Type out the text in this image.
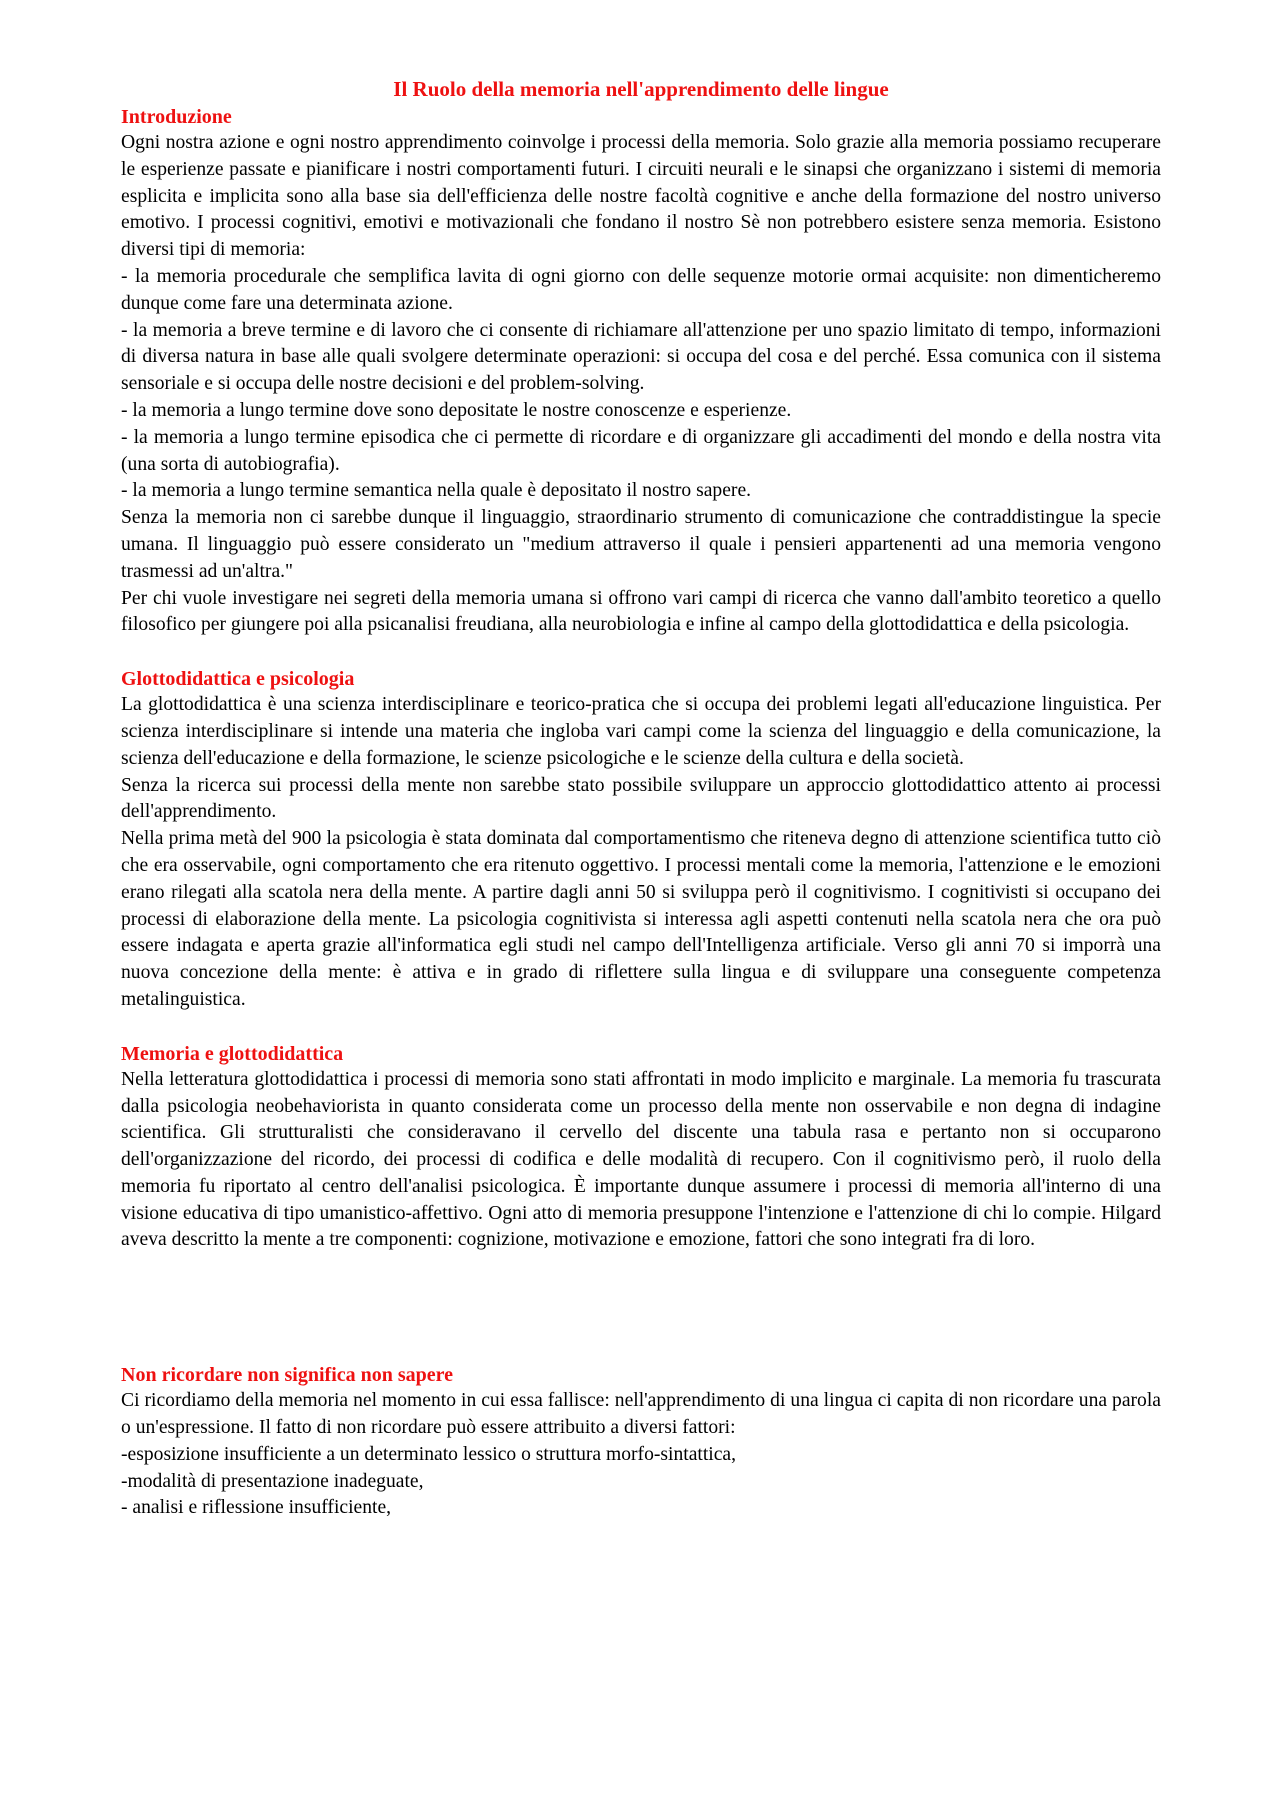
Il Ruolo della memoria nell'apprendimento delle lingue
Introduzione

Ogni nostra azione e ogni nostro apprendimento coinvolge i processi della memoria. Solo grazie alla memoria possiamo recuperare le esperienze passate e pianificare i nostri comportamenti futuri. I circuiti neurali e le sinapsi che organizzano i sistemi di memoria esplicita e implicita sono alla base sia dell'efficienza delle nostre facoltà cognitive e anche della formazione del nostro universo emotivo. I processi cognitivi, emotivi e motivazionali che fondano il nostro Sè non potrebbero esistere senza memoria. Esistono diversi tipi di memoria:

- la memoria procedurale che semplifica lavita di ogni giorno con delle sequenze motorie ormai acquisite: non dimenticheremo dunque come fare una determinata azione.

- la memoria a breve termine e di lavoro che ci consente di richiamare all'attenzione per uno spazio limitato di tempo, informazioni di diversa natura in base alle quali svolgere determinate operazioni: si occupa del cosa e del perché. Essa comunica con il sistema sensoriale e si occupa delle nostre decisioni e del problem-solving.

- la memoria a lungo termine dove sono depositate le nostre conoscenze e esperienze.

- la memoria a lungo termine episodica che ci permette di ricordare e di organizzare gli accadimenti del mondo e della nostra vita (una sorta di autobiografia).

- la memoria a lungo termine semantica nella quale è depositato il nostro sapere.

Senza la memoria non ci sarebbe dunque il linguaggio, straordinario strumento di comunicazione che contraddistingue la specie umana. Il linguaggio può essere considerato un "medium attraverso il quale i pensieri appartenenti ad una memoria vengono trasmessi ad un'altra."

Per chi vuole investigare nei segreti della memoria umana si offrono vari campi di ricerca che vanno dall'ambito teoretico a quello filosofico per giungere poi alla psicanalisi freudiana, alla neurobiologia e infine al campo della glottodidattica e della psicologia.

Glottodidattica e psicologia

La glottodidattica è una scienza interdisciplinare e teorico-pratica che si occupa dei problemi legati all'educazione linguistica. Per scienza interdisciplinare si intende una materia che ingloba vari campi come la scienza del linguaggio e della comunicazione, la scienza dell'educazione e della formazione, le scienze psicologiche e le scienze della cultura e della società.

Senza la ricerca sui processi della mente non sarebbe stato possibile sviluppare un approccio glottodidattico attento ai processi dell'apprendimento.

Nella prima metà del 900 la psicologia è stata dominata dal comportamentismo che riteneva degno di attenzione scientifica tutto ciò che era osservabile, ogni comportamento che era ritenuto oggettivo. I processi mentali come la memoria, l'attenzione e le emozioni erano rilegati alla scatola nera della mente. A partire dagli anni 50 si sviluppa però il cognitivismo. I cognitivisti si occupano dei processi di elaborazione della mente. La psicologia cognitivista si interessa agli aspetti contenuti nella scatola nera che ora può essere indagata e aperta grazie all'informatica egli studi nel campo dell'Intelligenza artificiale. Verso gli anni 70 si imporrà una nuova concezione della mente: è attiva e in grado di riflettere sulla lingua e di sviluppare una conseguente competenza metalinguistica.

Memoria e glottodidattica

Nella letteratura glottodidattica i processi di memoria sono stati affrontati in modo implicito e marginale. La memoria fu trascurata dalla psicologia neobehaviorista in quanto considerata come un processo della mente non osservabile e non degna di indagine scientifica. Gli strutturalisti che consideravano il cervello del discente una tabula rasa e pertanto non si occuparono dell'organizzazione del ricordo, dei processi di codifica e delle modalità di recupero. Con il cognitivismo però, il ruolo della memoria fu riportato al centro dell'analisi psicologica. È importante dunque assumere i processi di memoria all'interno di una visione educativa di tipo umanistico-affettivo. Ogni atto di memoria presuppone l'intenzione e l'attenzione di chi lo compie. Hilgard aveva descritto la mente a tre componenti: cognizione, motivazione e emozione, fattori che sono integrati fra di loro.

Non ricordare non significa non sapere

Ci ricordiamo della memoria nel momento in cui essa fallisce: nell'apprendimento di una lingua ci capita di non ricordare una parola o un'espressione. Il fatto di non ricordare può essere attribuito a diversi fattori:

-esposizione insufficiente a un determinato lessico o struttura morfo-sintattica,

-modalità di presentazione inadeguate,

- analisi e riflessione insufficiente,
